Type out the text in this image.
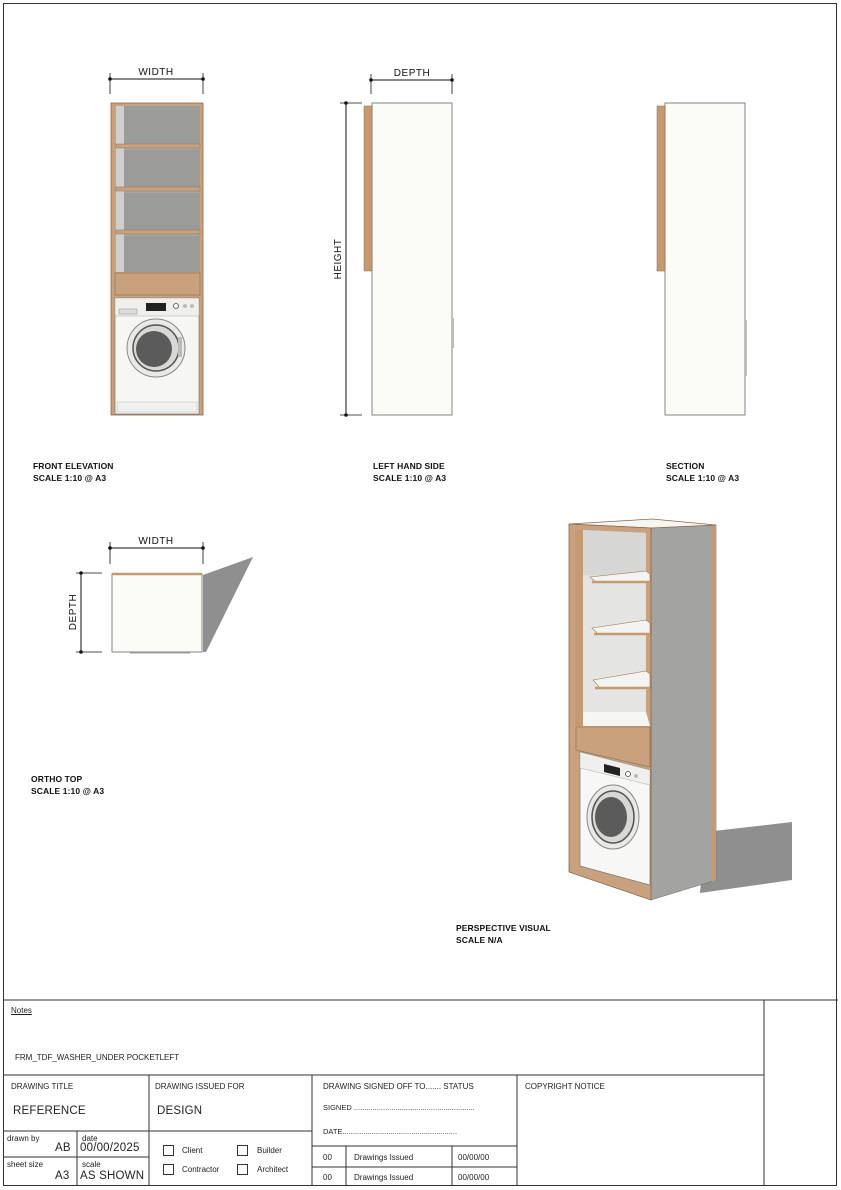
WIDTH	DEPTH
HEIGHT
WIDTH
DEPTH
FRONT ELEVATION
SCALE 1:10 @ A3
LEFT HAND SIDE
SCALE 1:10 @ A3
SECTION
SCALE 1:10 @ A3
ORTHO TOP
SCALE 1:10 @ A3
PERSPECTIVE VISUAL
SCALE N/A
Notes
FRM_TDF_WASHER_UNDER POCKETLEFT
DRAWING TITLE
REFERENCE
DRAWING ISSUED FOR
DESIGN
DRAWING SIGNED OFF TO....... STATUS
SIGNED ..........................................................
DATE.......................................................
COPYRIGHT NOTICE
drawn by
AB
date
00/00/2025
sheet size
A3
scale
AS SHOWN
Client	Builder
Contractor	Architect
00	Drawings Issued	00/00/00
00	Drawings Issued	00/00/00
